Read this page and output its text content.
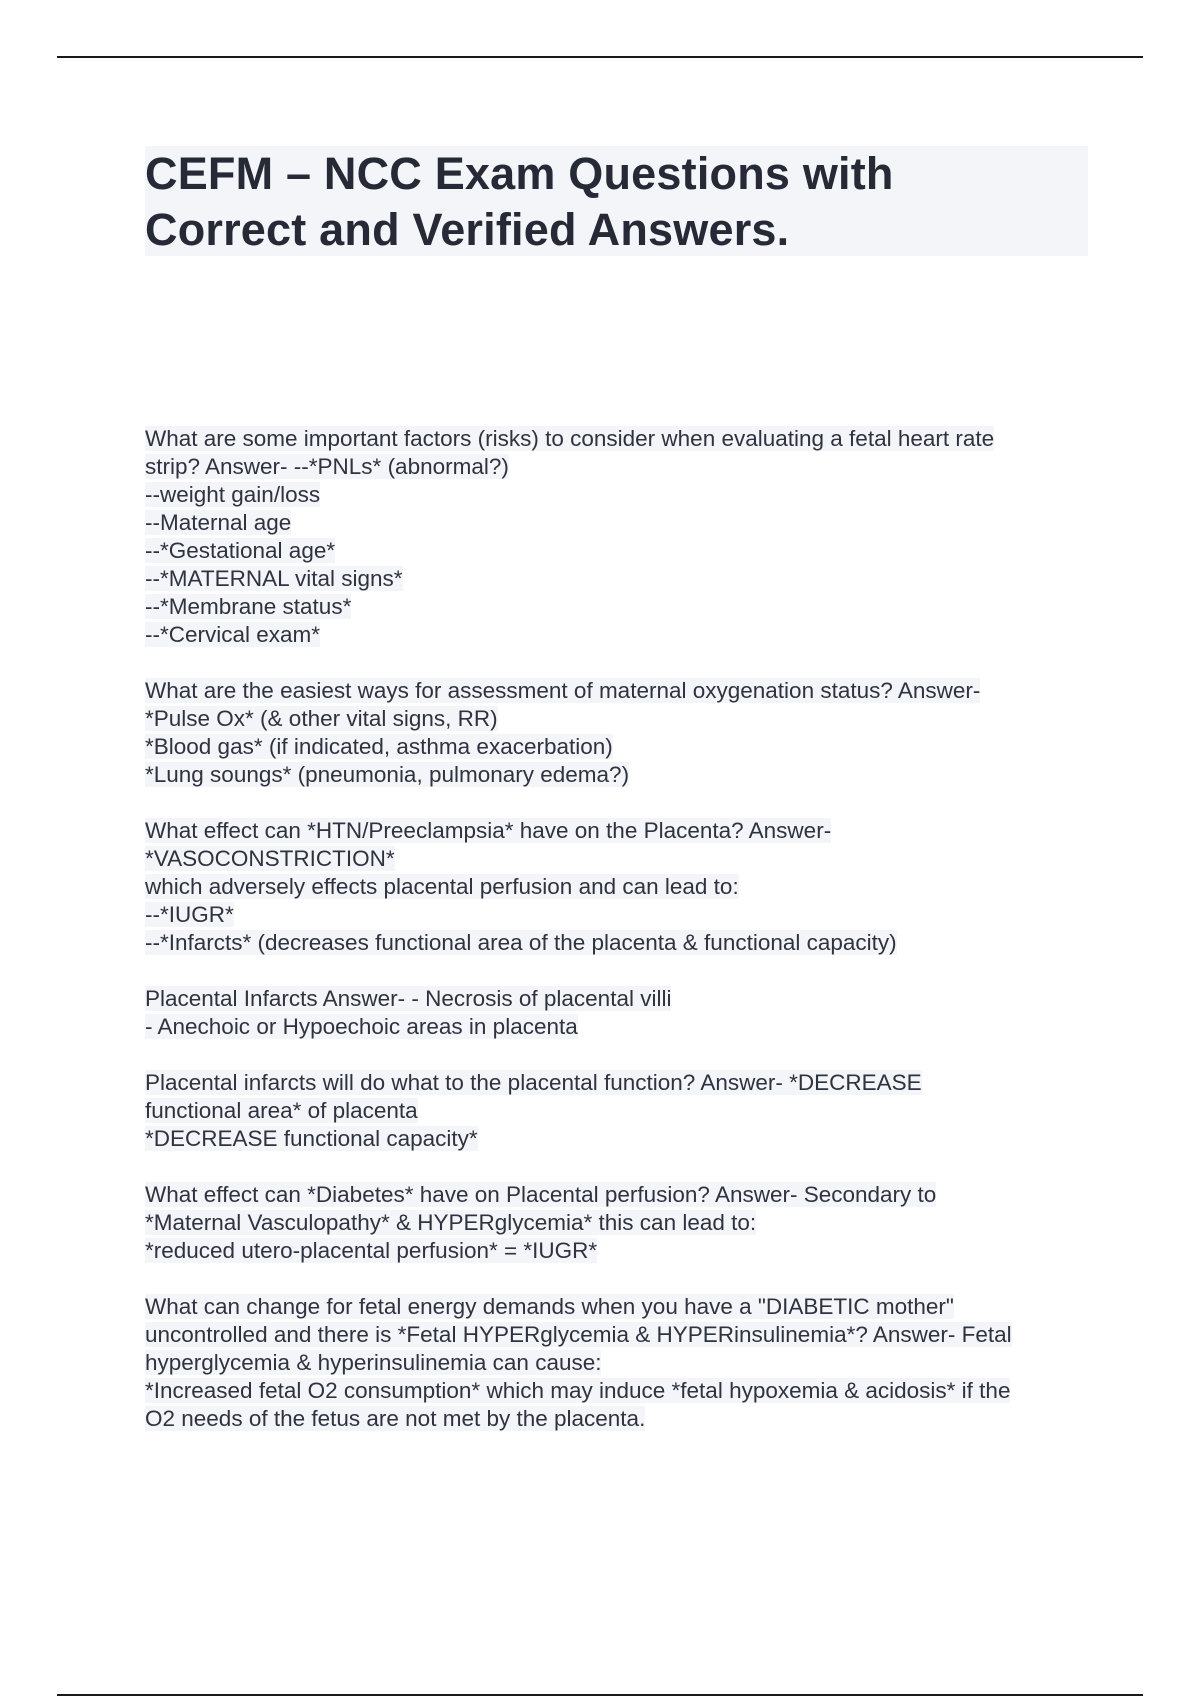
CEFM – NCC Exam Questions with
Correct and Verified Answers.
What are some important factors (risks) to consider when evaluating a fetal heart rate
strip? Answer- --*PNLs* (abnormal?)
--weight gain/loss
--Maternal age
--*Gestational age*
--*MATERNAL vital signs*
--*Membrane status*
--*Cervical exam*
What are the easiest ways for assessment of maternal oxygenation status? Answer-
*Pulse Ox* (& other vital signs, RR)
*Blood gas* (if indicated, asthma exacerbation)
*Lung soungs* (pneumonia, pulmonary edema?)
What effect can *HTN/Preeclampsia* have on the Placenta? Answer-
*VASOCONSTRICTION*
which adversely effects placental perfusion and can lead to:
--*IUGR*
--*Infarcts* (decreases functional area of the placenta & functional capacity)
Placental Infarcts Answer- - Necrosis of placental villi
- Anechoic or Hypoechoic areas in placenta
Placental infarcts will do what to the placental function? Answer- *DECREASE
functional area* of placenta
*DECREASE functional capacity*
What effect can *Diabetes* have on Placental perfusion? Answer- Secondary to
*Maternal Vasculopathy* & HYPERglycemia* this can lead to:
*reduced utero-placental perfusion* = *IUGR*
What can change for fetal energy demands when you have a "DIABETIC mother"
uncontrolled and there is *Fetal HYPERglycemia & HYPERinsulinemia*? Answer- Fetal
hyperglycemia & hyperinsulinemia can cause:
*Increased fetal O2 consumption* which may induce *fetal hypoxemia & acidosis* if the
O2 needs of the fetus are not met by the placenta.
